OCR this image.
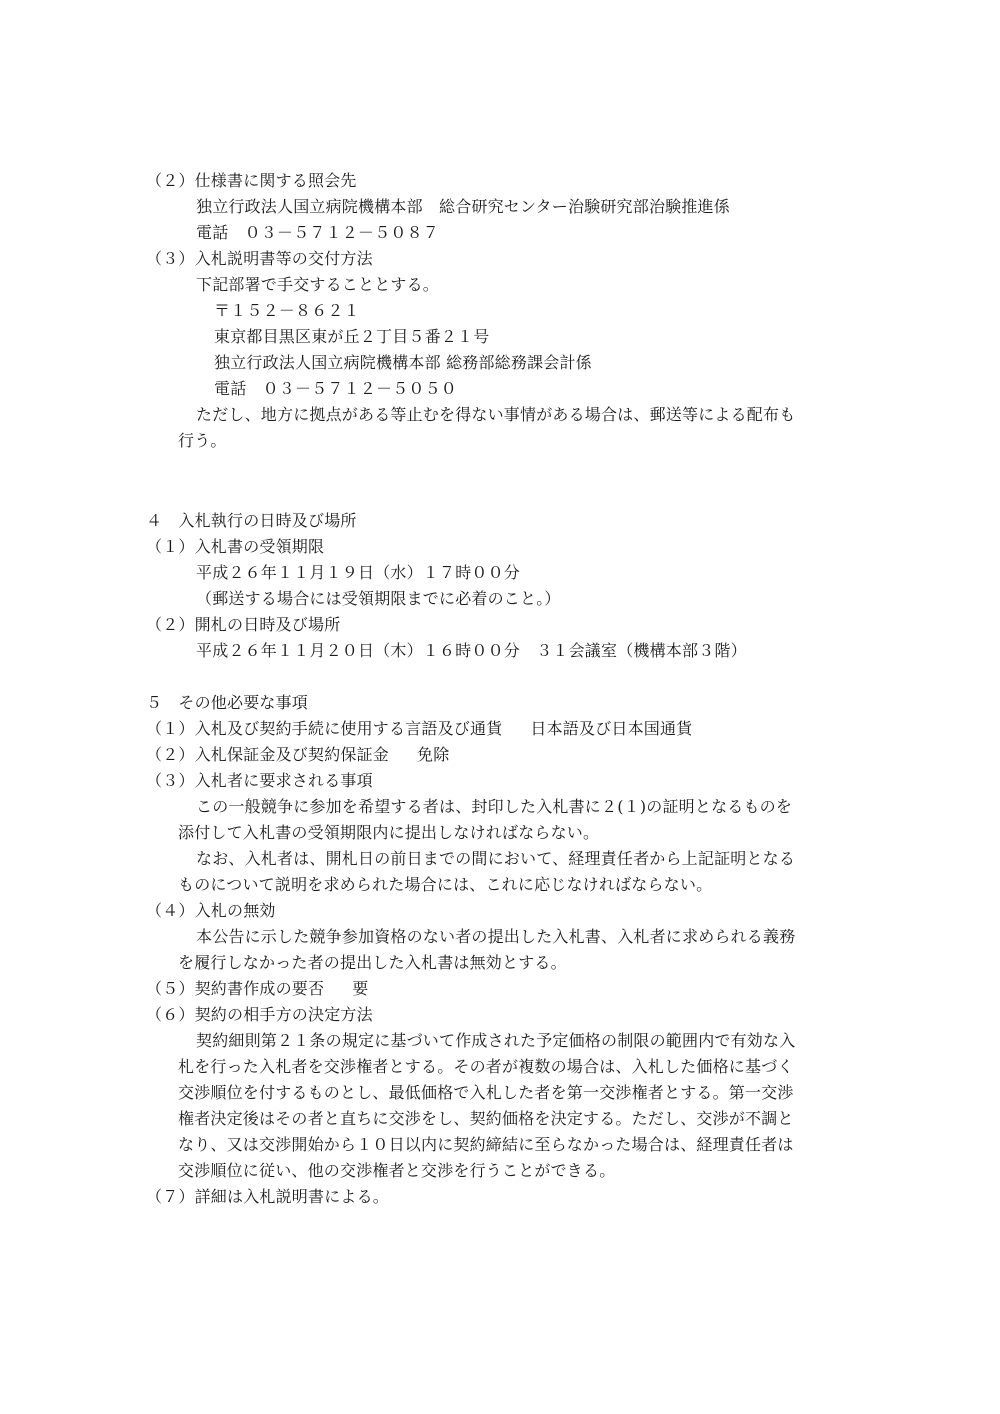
（２）仕様書に関する照会先
独立行政法人国立病院機構本部　総合研究センター治験研究部治験推進係
電話　０３－５７１２－５０８７
（３）入札説明書等の交付方法
下記部署で手交することとする。
〒１５２－８６２１
東京都目黒区東が丘２丁目５番２１号
独立行政法人国立病院機構本部 総務部総務課会計係
電話　０３－５７１２－５０５０
ただし、地方に拠点がある等止むを得ない事情がある場合は、郵送等による配布も
行う。
４　入札執行の日時及び場所
（１）入札書の受領期限
平成２６年１１月１９日（水）１７時００分
（郵送する場合には受領期限までに必着のこと。）
（２）開札の日時及び場所
平成２６年１１月２０日（木）１６時００分　３１会議室（機構本部３階）
５　その他必要な事項
（１）入札及び契約手続に使用する言語及び通貨 日本語及び日本国通貨
（２）入札保証金及び契約保証金 免除
（３）入札者に要求される事項
この一般競争に参加を希望する者は、封印した入札書に２(１)の証明となるものを
添付して入札書の受領期限内に提出しなければならない。
なお、入札者は、開札日の前日までの間において、経理責任者から上記証明となる
ものについて説明を求められた場合には、これに応じなければならない。
（４）入札の無効
本公告に示した競争参加資格のない者の提出した入札書、入札者に求められる義務
を履行しなかった者の提出した入札書は無効とする。
（５）契約書作成の要否 要
（６）契約の相手方の決定方法
契約細則第２１条の規定に基づいて作成された予定価格の制限の範囲内で有効な入
札を行った入札者を交渉権者とする。その者が複数の場合は、入札した価格に基づく
交渉順位を付するものとし、最低価格で入札した者を第一交渉権者とする。第一交渉
権者決定後はその者と直ちに交渉をし、契約価格を決定する。ただし、交渉が不調と
なり、又は交渉開始から１０日以内に契約締結に至らなかった場合は、経理責任者は
交渉順位に従い、他の交渉権者と交渉を行うことができる。
（７）詳細は入札説明書による。
